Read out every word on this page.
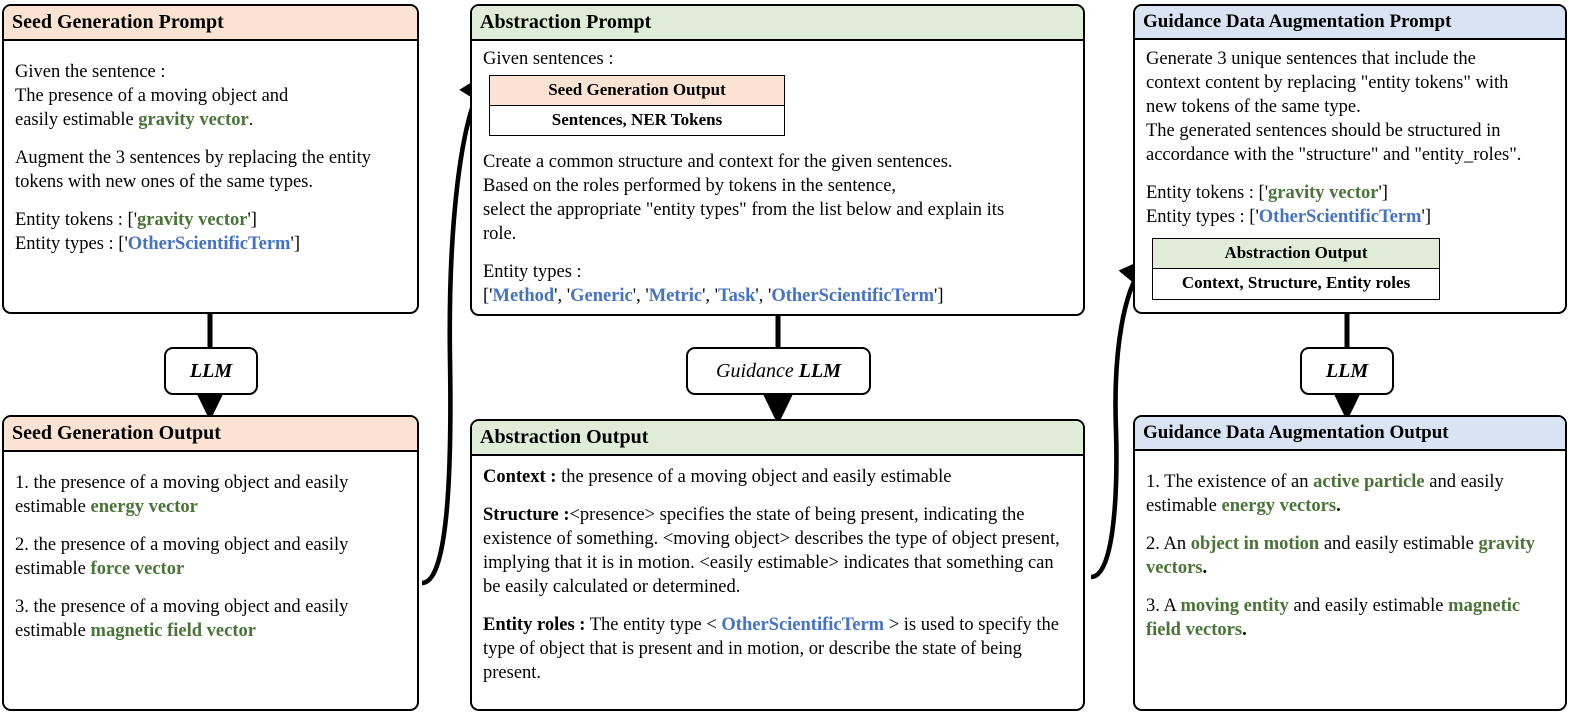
Seed Generation Prompt
Given the sentence :
The presence of a moving object and
easily estimable gravity vector.
Augment the 3 sentences by replacing the entity
tokens with new ones of the same types.
Entity tokens : ['gravity vector']
Entity types : ['OtherScientificTerm']
LLM
Seed Generation Output
1. the presence of a moving object and easily estimable energy vector
2. the presence of a moving object and easily estimable force vector
3. the presence of a moving object and easily estimable magnetic field vector
Abstraction Prompt
Given sentences :
Seed Generation Output
Sentences, NER Tokens
Create a common structure and context for the given sentences.
Based on the roles performed by tokens in the sentence,
select the appropriate "entity types" from the list below and explain its
role.
Entity types :
['Method', 'Generic', 'Metric', 'Task', 'OtherScientificTerm']
Guidance
LLM
Abstraction Output
Context : the presence of a moving object and easily estimable
Structure :<presence> specifies the state of being present, indicating the existence of something. <moving object> describes the type of object present, implying that it is in motion. <easily estimable> indicates that something can be easily calculated or determined.
Entity roles : The entity type < OtherScientificTerm > is used to specify the type of object that is present and in motion, or describe the state of being present.
Guidance Data Augmentation Prompt
Generate 3 unique sentences that include the
context content by replacing "entity tokens" with
new tokens of the same type.
The generated sentences should be structured in
accordance with the "structure" and "entity_roles".
Entity tokens : ['gravity vector']
Entity types : ['OtherScientificTerm']
Abstraction Output
Context, Structure, Entity roles
LLM
Guidance Data Augmentation Output
1. The existence of an active particle and easily estimable energy vectors.
2. An object in motion and easily estimable gravity vectors.
3. A moving entity and easily estimable magnetic field vectors.
